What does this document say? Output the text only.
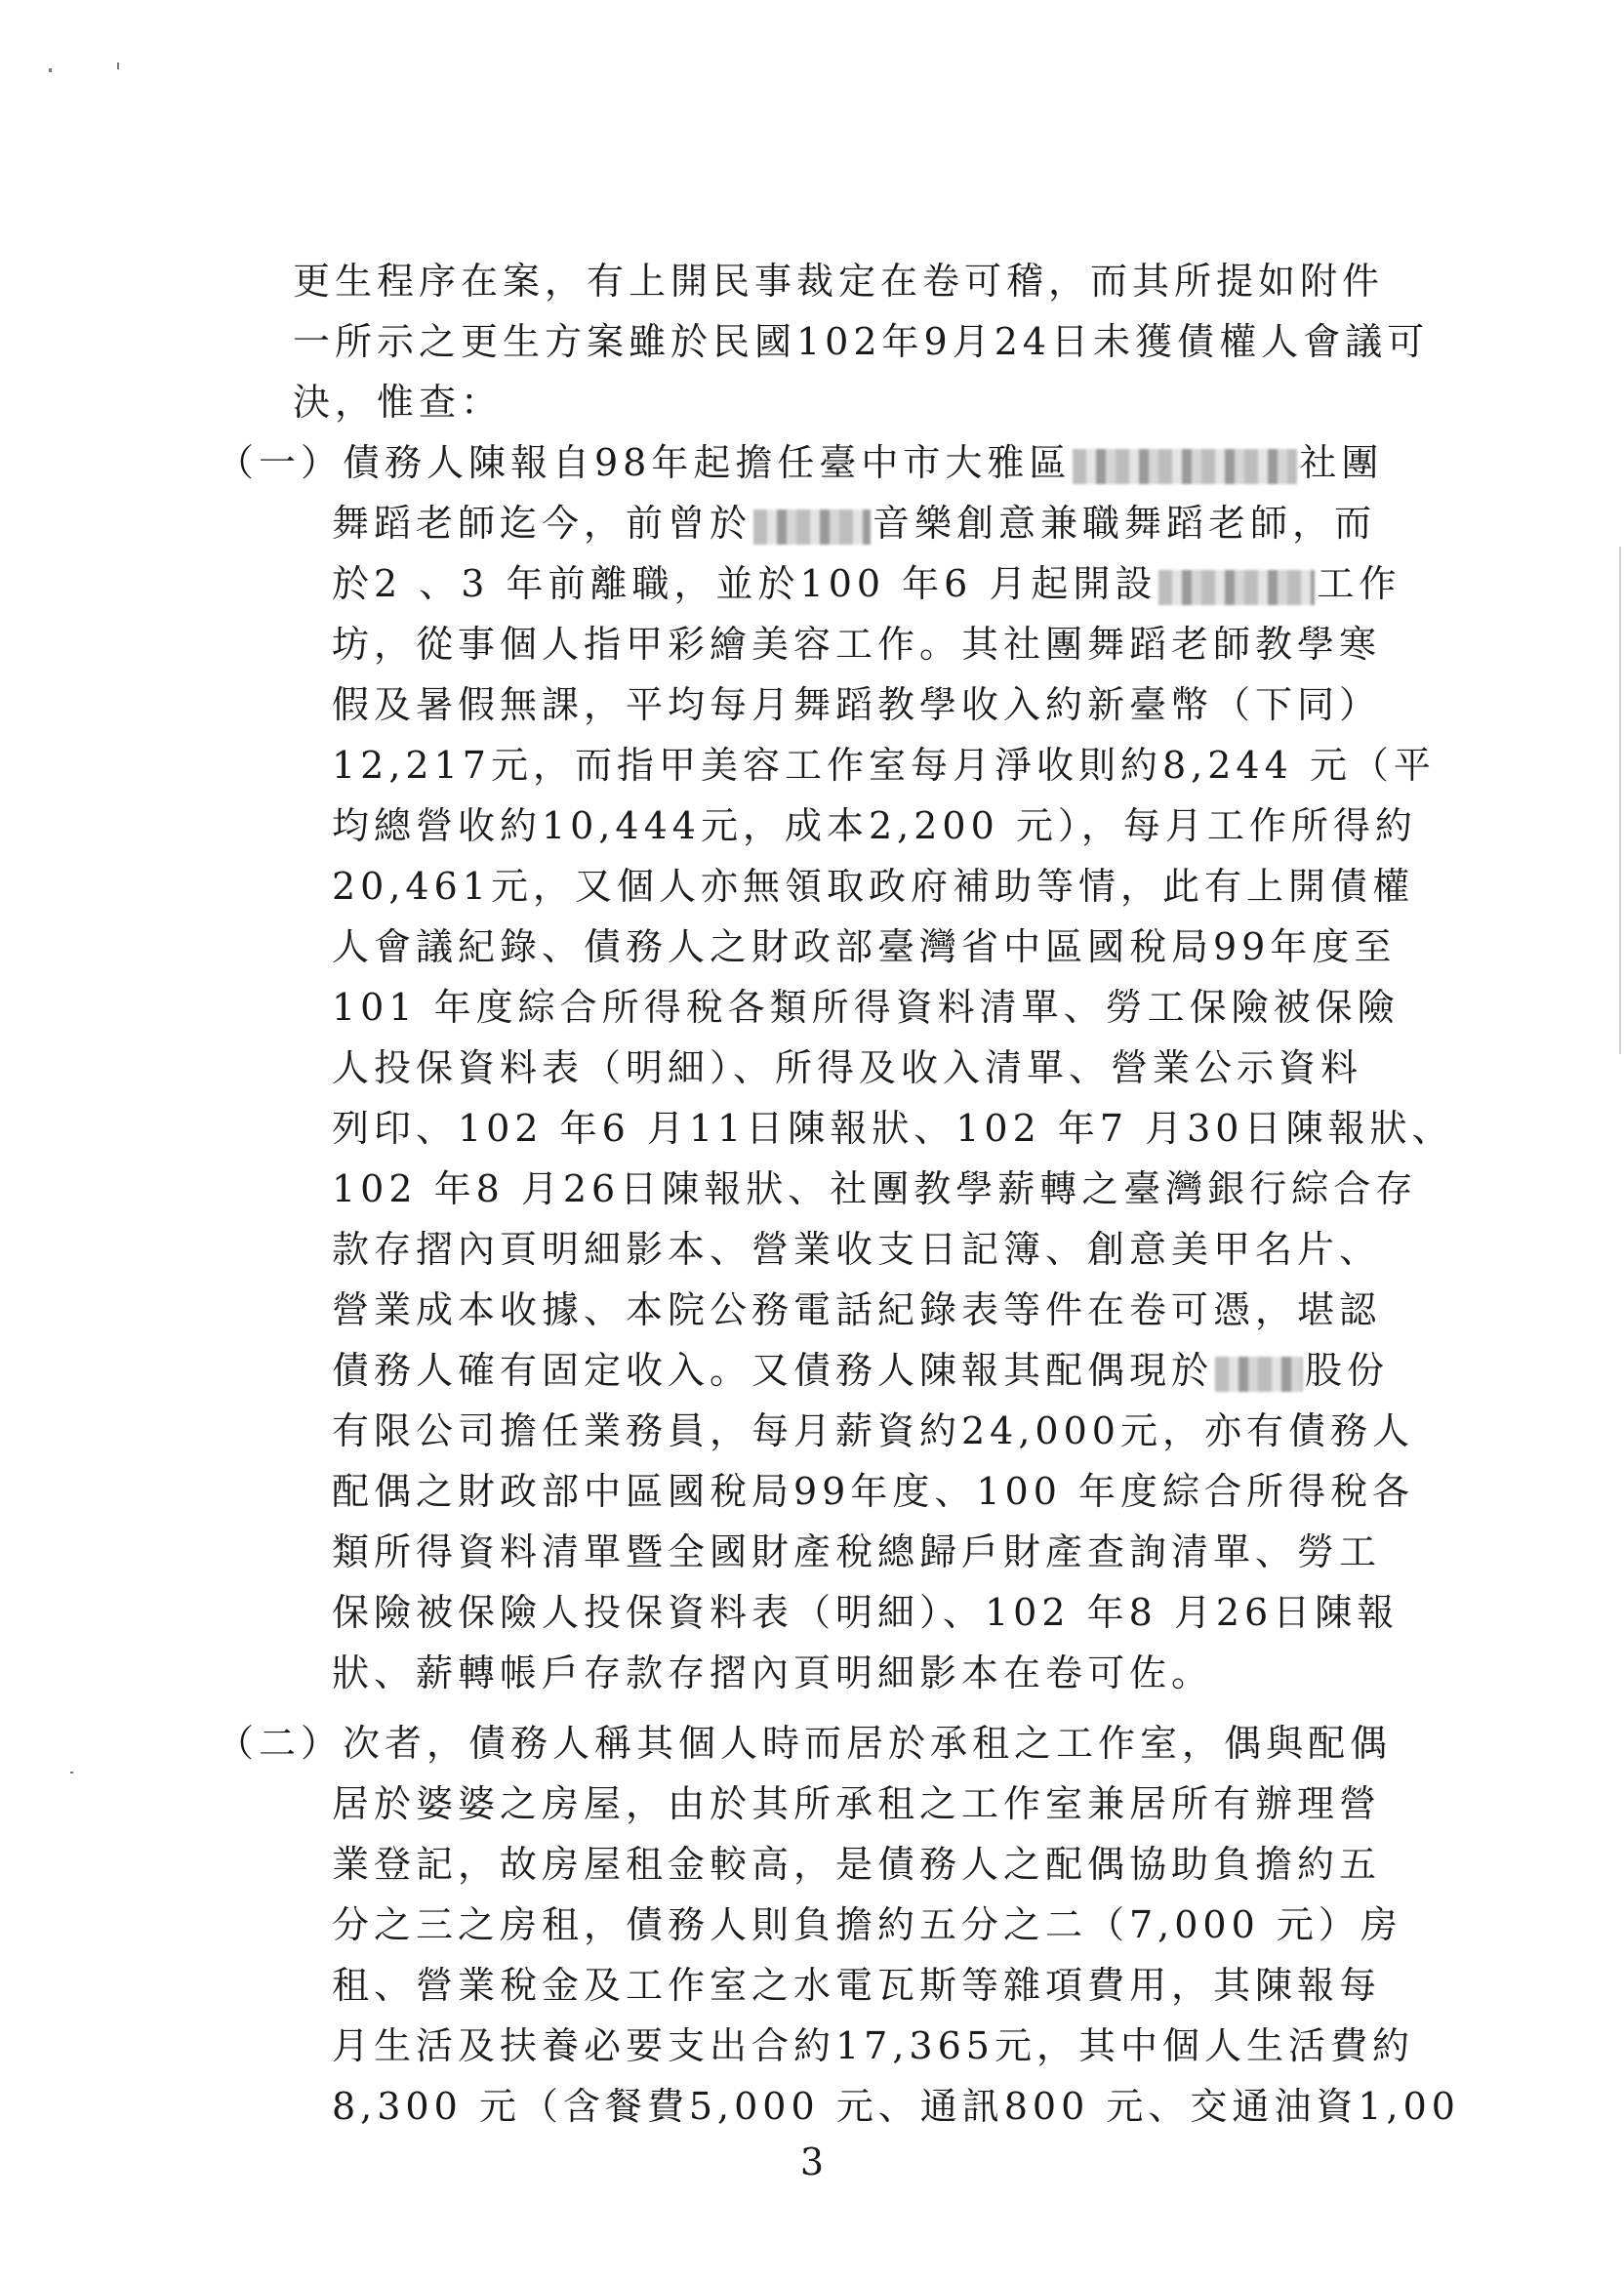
更生程序在案，有上開民事裁定在卷可稽，而其所提如附件
一所示之更生方案雖於民國102年9月24日未獲債權人會議可
決，惟查：
（一）債務人陳報自98年起擔任臺中市大雅區	社團
舞蹈老師迄今，前曾於	音樂創意兼職舞蹈老師，而
於2 、3 年前離職，並於100 年6 月起開設	工作
坊，從事個人指甲彩繪美容工作。其社團舞蹈老師教學寒
假及暑假無課，平均每月舞蹈教學收入約新臺幣（下同）
12,217元，而指甲美容工作室每月淨收則約8,244 元（平
均總營收約10,444元，成本2,200 元），每月工作所得約
20,461元，又個人亦無領取政府補助等情，此有上開債權
人會議紀錄、債務人之財政部臺灣省中區國稅局99年度至
101 年度綜合所得稅各類所得資料清單、勞工保險被保險
人投保資料表（明細）、所得及收入清單、營業公示資料
列印、102 年6 月11日陳報狀、102 年7 月30日陳報狀、
102 年8 月26日陳報狀、社團教學薪轉之臺灣銀行綜合存
款存摺內頁明細影本、營業收支日記簿、創意美甲名片、
營業成本收據、本院公務電話紀錄表等件在卷可憑，堪認
債務人確有固定收入。又債務人陳報其配偶現於 股份
有限公司擔任業務員，每月薪資約24,000元，亦有債務人
配偶之財政部中區國稅局99年度、100 年度綜合所得稅各
類所得資料清單暨全國財產稅總歸戶財產查詢清單、勞工
保險被保險人投保資料表（明細）、102 年8 月26日陳報
狀、薪轉帳戶存款存摺內頁明細影本在卷可佐。
（二）次者，債務人稱其個人時而居於承租之工作室，偶與配偶
居於婆婆之房屋，由於其所承租之工作室兼居所有辦理營
業登記，故房屋租金較高，是債務人之配偶協助負擔約五
分之三之房租，債務人則負擔約五分之二（7,000 元）房
租、營業稅金及工作室之水電瓦斯等雜項費用，其陳報每
月生活及扶養必要支出合約17,365元，其中個人生活費約
8,300 元（含餐費5,000 元、通訊800 元、交通油資1,00
3
